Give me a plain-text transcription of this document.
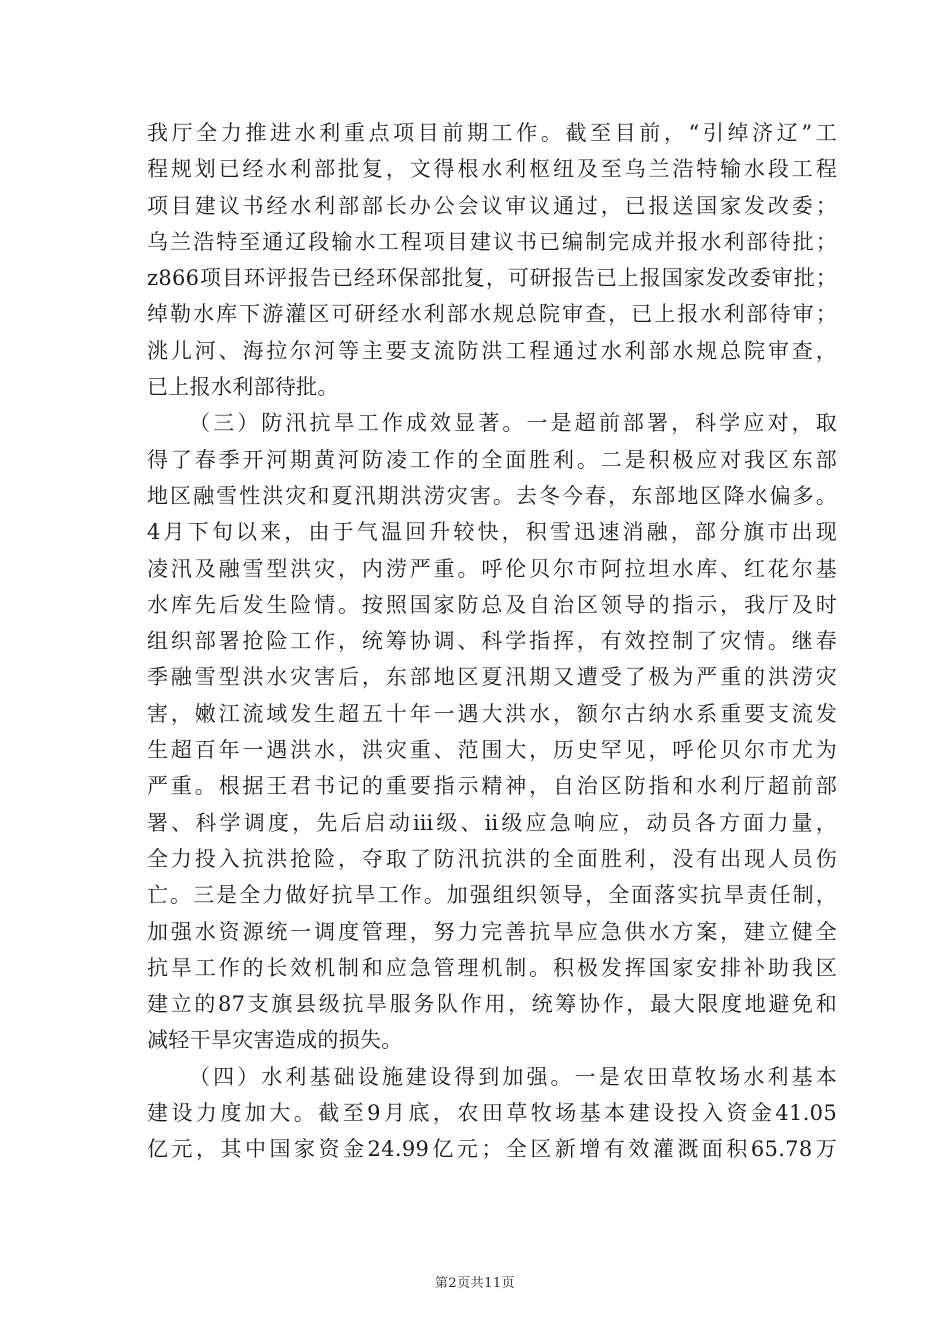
我厅全力推进水利重点项目前期工作。截至目前，“引绰济辽”工
程规划已经水利部批复，文得根水利枢纽及至乌兰浩特输水段工程
项目建议书经水利部部长办公会议审议通过，已报送国家发改委；
乌兰浩特至通辽段输水工程项目建议书已编制完成并报水利部待批；
z866项目环评报告已经环保部批复，可研报告已上报国家发改委审批；
绰勒水库下游灌区可研经水利部水规总院审查，已上报水利部待审；
洮儿河、海拉尔河等主要支流防洪工程通过水利部水规总院审查，
已上报水利部待批。
（三）防汛抗旱工作成效显著。一是超前部署，科学应对，取
得了春季开河期黄河防凌工作的全面胜利。二是积极应对我区东部
地区融雪性洪灾和夏汛期洪涝灾害。去冬今春，东部地区降水偏多。
4月下旬以来，由于气温回升较快，积雪迅速消融，部分旗市出现
凌汛及融雪型洪灾，内涝严重。呼伦贝尔市阿拉坦水库、红花尔基
水库先后发生险情。按照国家防总及自治区领导的指示，我厅及时
组织部署抢险工作，统筹协调、科学指挥，有效控制了灾情。继春
季融雪型洪水灾害后，东部地区夏汛期又遭受了极为严重的洪涝灾
害，嫩江流域发生超五十年一遇大洪水，额尔古纳水系重要支流发
生超百年一遇洪水，洪灾重、范围大，历史罕见，呼伦贝尔市尤为
严重。根据王君书记的重要指示精神，自治区防指和水利厅超前部
署、科学调度，先后启动ⅲ级、ⅱ级应急响应，动员各方面力量，
全力投入抗洪抢险，夺取了防汛抗洪的全面胜利，没有出现人员伤
亡。三是全力做好抗旱工作。加强组织领导，全面落实抗旱责任制，
加强水资源统一调度管理，努力完善抗旱应急供水方案，建立健全
抗旱工作的长效机制和应急管理机制。积极发挥国家安排补助我区
建立的87支旗县级抗旱服务队作用，统筹协作，最大限度地避免和
减轻干旱灾害造成的损失。
（四）水利基础设施建设得到加强。一是农田草牧场水利基本
建设力度加大。截至9月底，农田草牧场基本建设投入资金41.05
亿元，其中国家资金24.99亿元；全区新增有效灌溉面积65.78万
第2页共11页
